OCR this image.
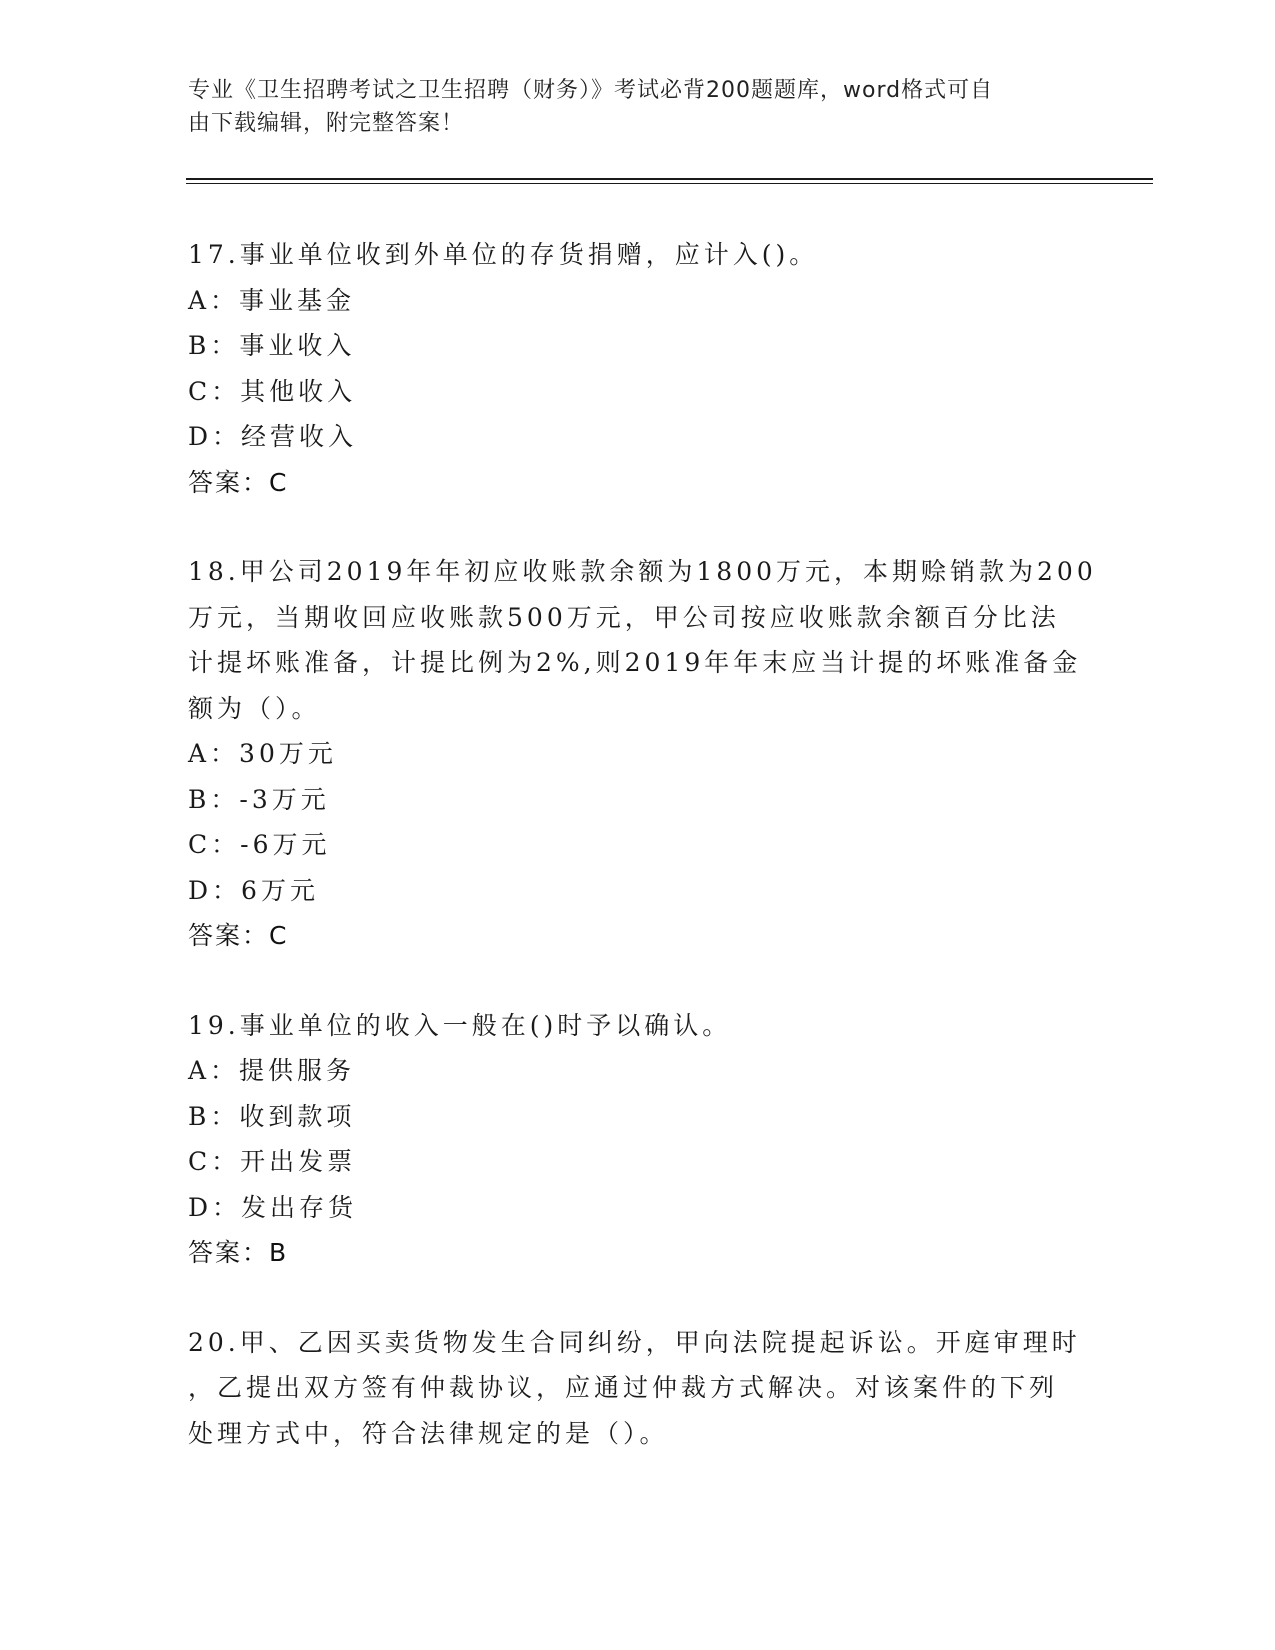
专业《卫生招聘考试之卫生招聘（财务）》考试必背200题题库，word格式可自
由下载编辑，附完整答案！
17.事业单位收到外单位的存货捐赠，应计入()。
A：事业基金
B：事业收入
C：其他收入
D：经营收入
答案：C
18.甲公司2019年年初应收账款余额为1800万元，本期赊销款为200
万元，当期收回应收账款500万元，甲公司按应收账款余额百分比法
计提坏账准备，计提比例为2%,则2019年年末应当计提的坏账准备金
额为（）。
A：30万元
B：-3万元
C：-6万元
D：6万元
答案：C
19.事业单位的收入一般在()时予以确认。
A：提供服务
B：收到款项
C：开出发票
D：发出存货
答案：B
20.甲、乙因买卖货物发生合同纠纷，甲向法院提起诉讼。开庭审理时
，乙提出双方签有仲裁协议，应通过仲裁方式解决。对该案件的下列
处理方式中，符合法律规定的是（）。
